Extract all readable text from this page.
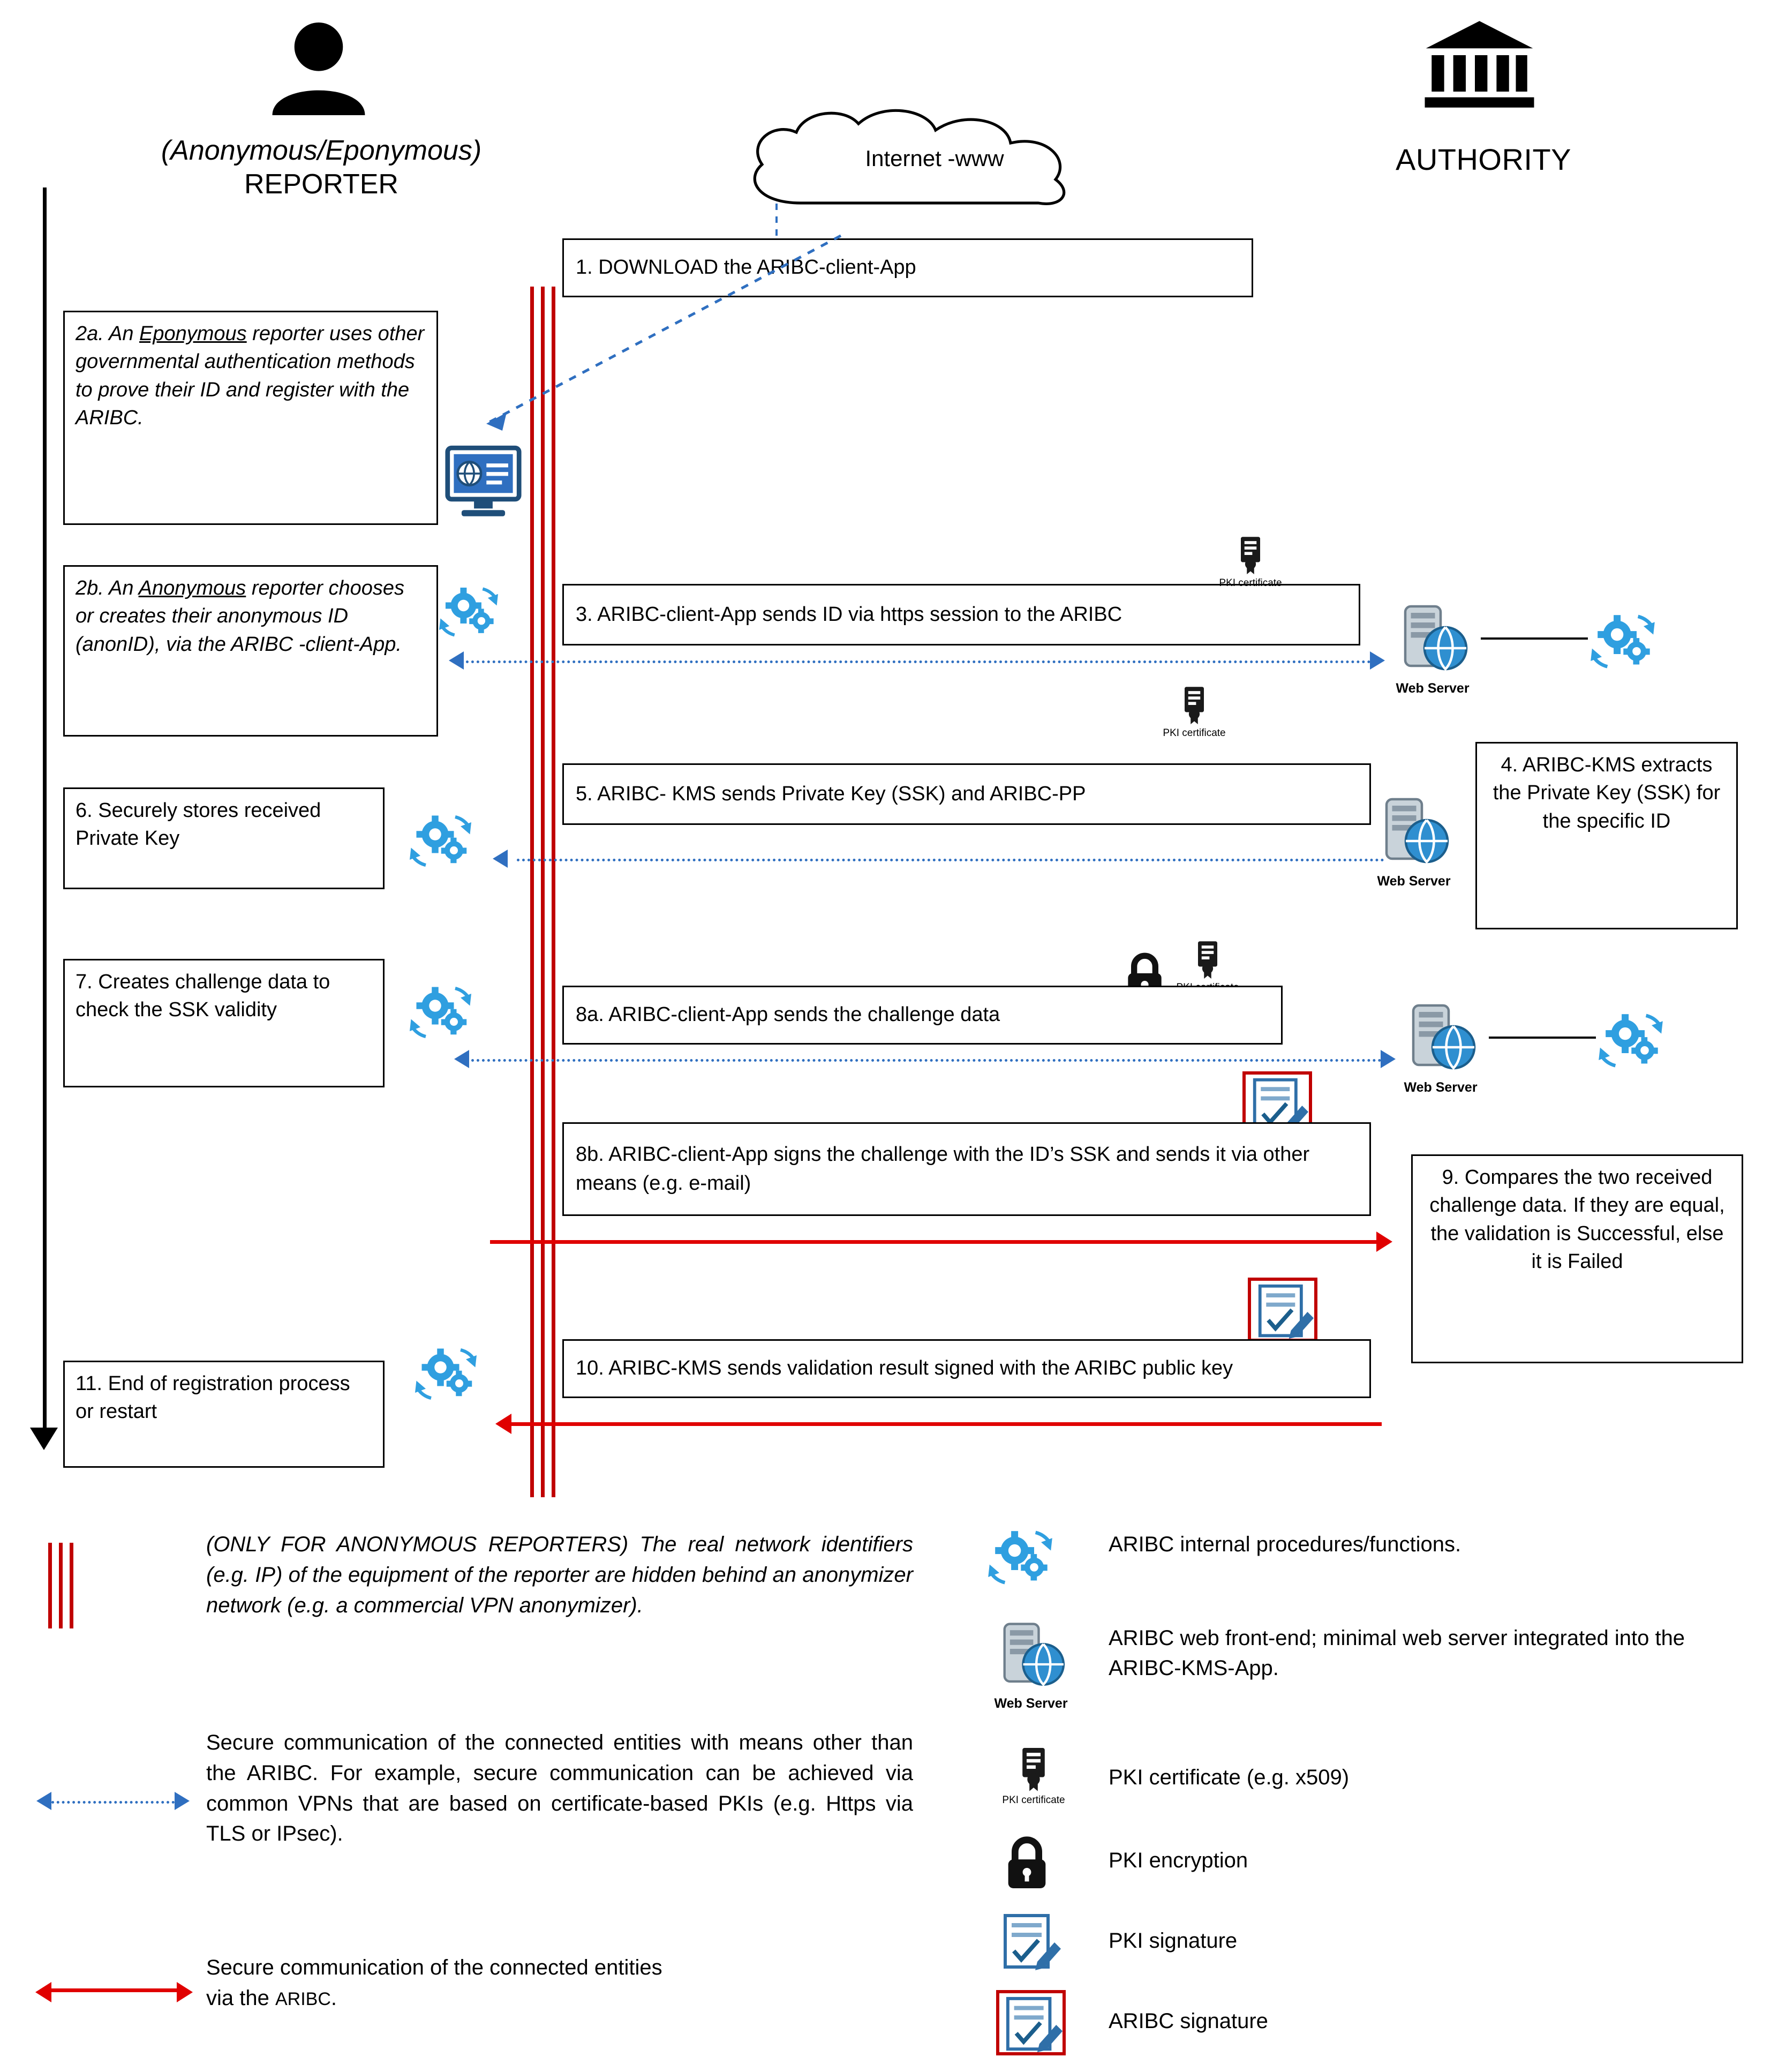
(Anonymous/Eponymous)
REPORTER
AUTHORITY
Internet -www
1. DOWNLOAD the ARIBC-client-App
2a. An Eponymous reporter uses other governmental authentication methods to prove their ID and register with the ARIBC.
2b. An Anonymous reporter chooses or creates their anonymous ID (anonID), via the ARIBC -client-App.
3. ARIBC-client-App sends ID via https session to the ARIBC
PKI certificate
Web Server
PKI certificate
5. ARIBC- KMS sends Private Key (SSK) and ARIBC-PP
Web Server
4. ARIBC-KMS extracts the Private Key (SSK) for the specific ID
6. Securely stores received Private Key
7. Creates challenge data to check the SSK validity	8a. ARIBC-client-App sends the challenge data
Web Server
8b. ARIBC-client-App signs the challenge with the ID’s SSK and sends it via other means (e.g. e-mail)	9. Compares the two received challenge data. If they are equal, the validation is Successful, else it is Failed
10. ARIBC-KMS sends validation result signed with the ARIBC public key
11. End of registration process or restart
(ONLY FOR ANONYMOUS REPORTERS) The real network identifiers (e.g. IP) of the equipment of the reporter are hidden behind an anonymizer network (e.g. a commercial VPN anonymizer).
Secure communication of the connected entities with means other than the ARIBC. For example, secure communication can be achieved via common VPNs that are based on certificate-based PKIs (e.g. Https via TLS or IPsec).
Secure communication of the connected entities
via the ARIBC.
ARIBC internal procedures/functions.
Web Server
ARIBC web front-end; minimal web server integrated into the ARIBC-KMS-App.
PKI certificate
PKI certificate (e.g. x509)
PKI encryption
PKI signature
ARIBC signature
